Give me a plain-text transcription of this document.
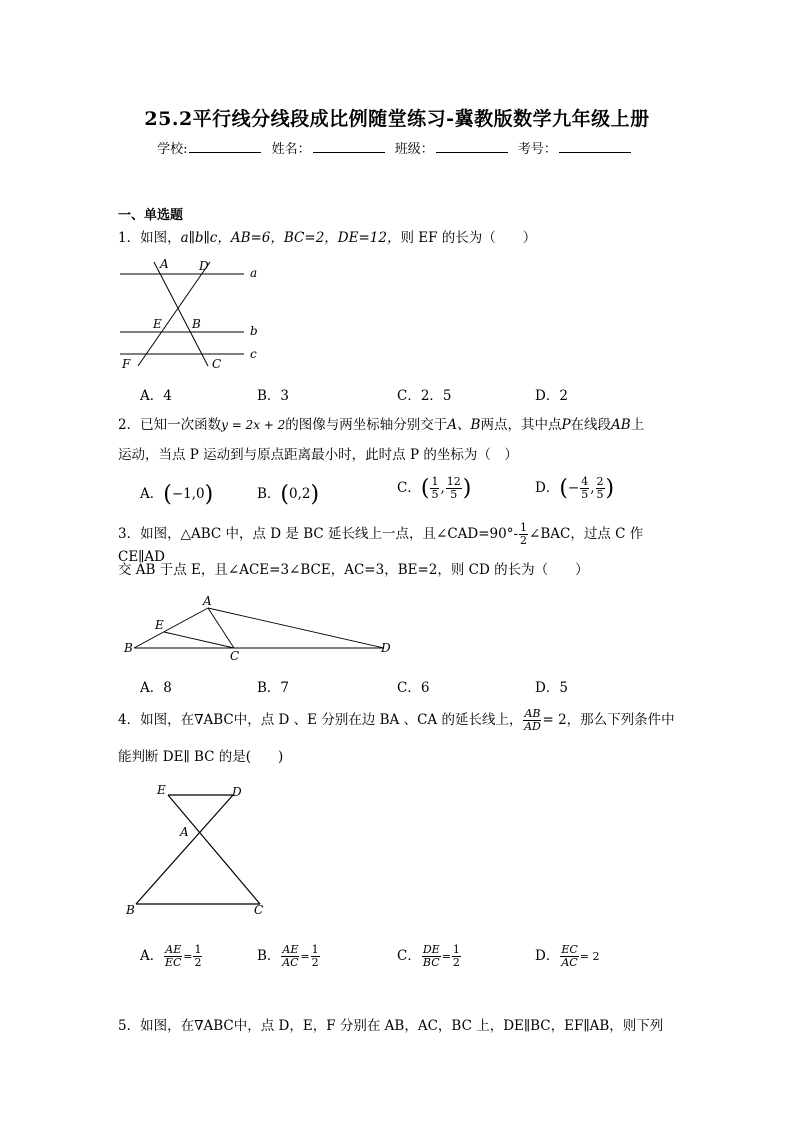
25.2平行线分线段成比例随堂练习-冀教版数学九年级上册
学校:	姓名：	班级：	考号：
一、单选题
1．如图，a∥b∥c，AB=6，BC=2，DE=12，则 EF 的长为（　　）
A	D	a
E	B	b
c
F	C
A．4	B．3	C．2．5	D．2
2．已知一次函数y = 2x + 2的图像与两坐标轴分别交于A、B两点，其中点P在线段AB上
运动，当点 P 运动到与原点距离最小时，此时点 P 的坐标为（　）
A．(−1,0)	B．(0,2)	C．( $\frac{1}{5}$ , $\frac{12}{5}$ )	D．(− $\frac{4}{5}$ , $\frac{2}{5}$ )
3．如图，△ABC 中，点 D 是 BC 延长线上一点，且∠CAD=90°- $\frac{1}{2}$ ∠BAC，过点 C 作 CE∥AD
交 AB 于点 E，且∠ACE=3∠BCE，AC=3，BE=2，则 CD 的长为（　　）
A
E
B
C
D
A．8	B．7	C．6	D．5
4．如图，在∇ABC中，点 D 、E 分别在边 BA 、CA 的延长线上， $\frac{AB}{AD} = 2$，那么下列条件中
能判断 DE∥ BC 的是(　　)
E	D
A
B	C
A． $\frac{AE}{EC} = \frac{1}{2}$	B． $\frac{AE}{AC} = \frac{1}{2}$	C． $\frac{DE}{BC} = \frac{1}{2}$	D． $\frac{EC}{AC} = 2$
5．如图，在∇ABC中，点 D，E，F 分别在 AB，AC，BC 上，DE∥BC，EF∥AB，则下列
